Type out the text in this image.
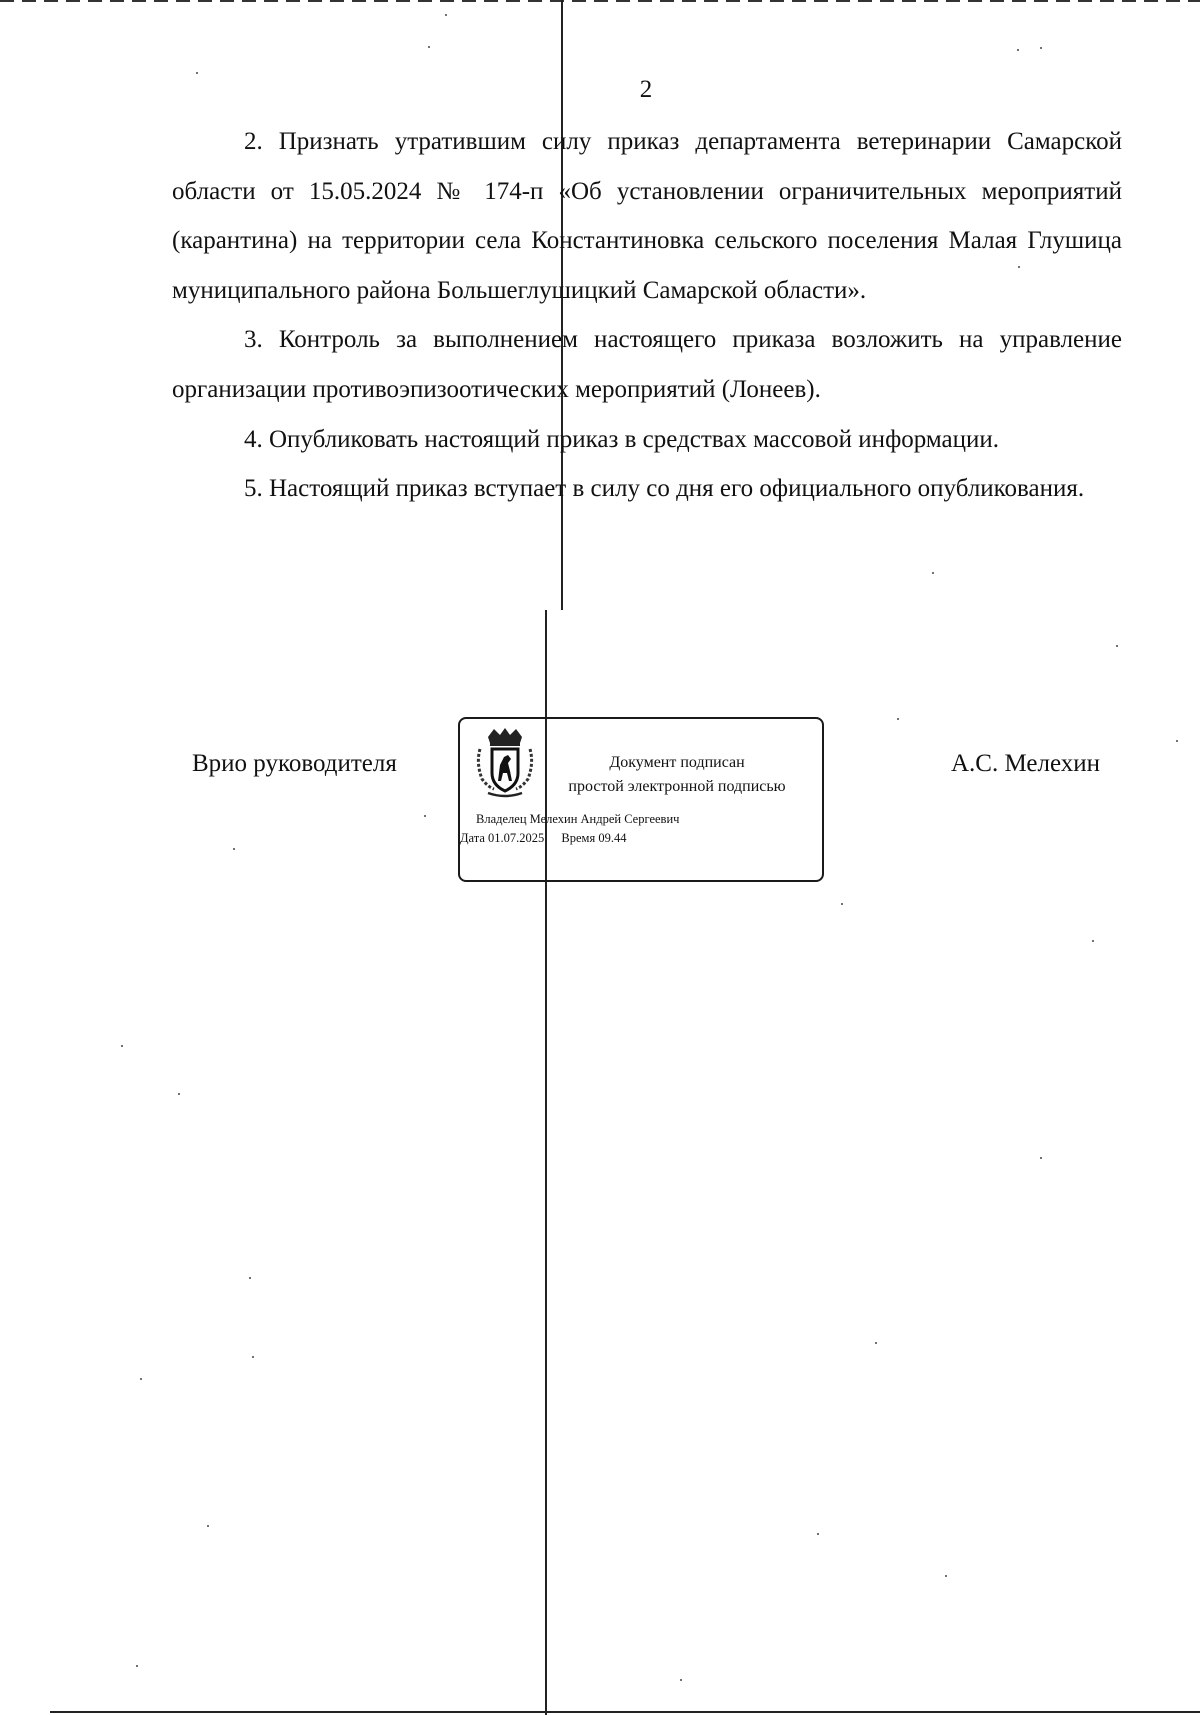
2

2. Признать утратившим силу приказ департамента ветеринарии Самарской области от 15.05.2024 № 174-п «Об установлении ограничительных мероприятий (карантина) на территории села Константиновка сельского поселения Малая Глушица муниципального района Большеглушицкий Самарской области».

3. Контроль за выполнением настоящего приказа возложить на управление организации противоэпизоотических мероприятий (Лонеев).

4. Опубликовать настоящий приказ в средствах массовой информации.

5. Настоящий приказ вступает в силу со дня его официального опубликования.

Врио руководителя	Документ подписан
простой электронной подписью
Владелец Мелехин Андрей Сергеевич
Дата 01.07.2025 Время 09.44
А.С. Мелехин
